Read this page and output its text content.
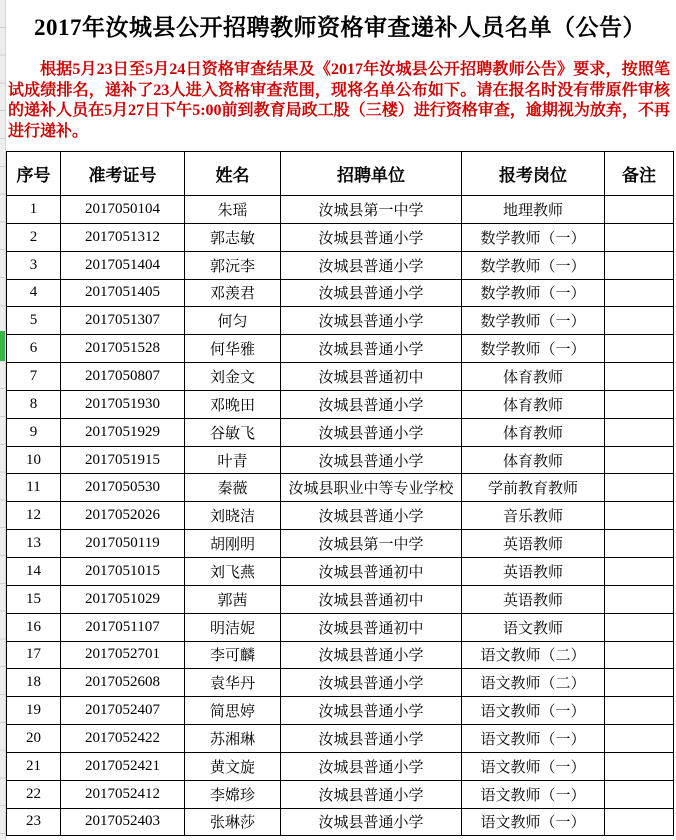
2017年汝城县公开招聘教师资格审查递补人员名单（公告）

根据5月23日至5月24日资格审查结果及《2017年汝城县公开招聘教师公告》要求，按照笔试成绩排名，递补了23人进入资格审查范围，现将名单公布如下。请在报名时没有带原件审核的递补人员在5月27日下午5:00前到教育局政工股（三楼）进行资格审查，逾期视为放弃，不再进行递补。

序号	准考证号	姓名	招聘单位	报考岗位	备注
1	2017050104	朱瑶	汝城县第一中学	地理教师	
2	2017051312	郭志敏	汝城县普通小学	数学教师（一）	
3	2017051404	郭沅李	汝城县普通小学	数学教师（一）	
4	2017051405	邓羡君	汝城县普通小学	数学教师（一）	
5	2017051307	何匀	汝城县普通小学	数学教师（一）	
6	2017051528	何华雅	汝城县普通小学	数学教师（一）	
7	2017050807	刘金文	汝城县普通初中	体育教师	
8	2017051930	邓晚田	汝城县普通小学	体育教师	
9	2017051929	谷敏飞	汝城县普通小学	体育教师	
10	2017051915	叶青	汝城县普通小学	体育教师	
11	2017050530	秦薇	汝城县职业中等专业学校	学前教育教师	
12	2017052026	刘晓洁	汝城县普通小学	音乐教师	
13	2017050119	胡刚明	汝城县第一中学	英语教师	
14	2017051015	刘飞燕	汝城县普通初中	英语教师	
15	2017051029	郭茜	汝城县普通初中	英语教师	
16	2017051107	明洁妮	汝城县普通初中	语文教师	
17	2017052701	李可麟	汝城县普通小学	语文教师（二）	
18	2017052608	袁华丹	汝城县普通小学	语文教师（二）	
19	2017052407	简思婷	汝城县普通小学	语文教师（一）	
20	2017052422	苏湘琳	汝城县普通小学	语文教师（一）	
21	2017052421	黄文旋	汝城县普通小学	语文教师（一）	
22	2017052412	李嫦珍	汝城县普通小学	语文教师（一）	
23	2017052403	张琳莎	汝城县普通小学	语文教师（一）	
